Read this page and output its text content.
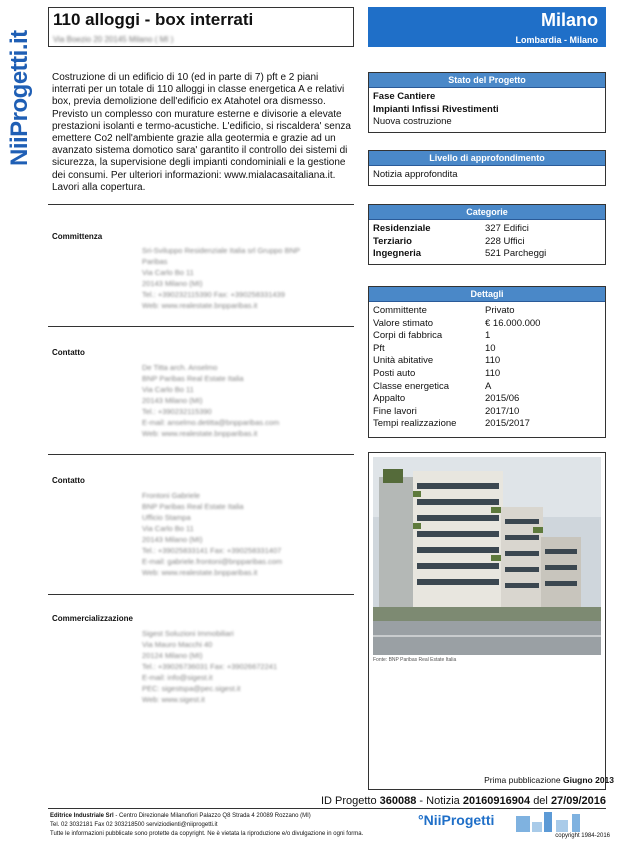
NiiProgetti.it
110 alloggi - box interrati
Via Boezio 20 20145 Milano ( MI )
Milano
Lombardia - Milano
Costruzione di un edificio di 10 (ed in parte di 7) pft e 2 piani interrati per un totale di 110 alloggi in classe energetica A e relativi box, previa demolizione dell'edificio ex Atahotel ora dismesso. Previsto un complesso con murature esterne e divisorie a elevate prestazioni isolanti e termo-acustiche. L'edificio, si riscaldera' senza emettere Co2 nell'ambiente grazie alla geotermia e grazie ad un avanzato sistema domotico sara' garantito il controllo dei sistemi di sicurezza, la supervisione degli impianti condominiali e la gestione dei consumi. Per ulteriori informazioni: www.mialacasaitaliana.it. Lavori alla copertura.
Committenza
Sri-Sviluppo Residenziale Italia srl Gruppo BNP
Paribas
Via Carlo Bo 11
20143 Milano (MI)
Tel.: +390232115390 Fax: +390258331439
Web: www.realestate.bnpparibas.it
Contatto
De Titta arch. Anselmo
BNP Paribas Real Estate Italia
Via Carlo Bo 11
20143 Milano (MI)
Tel.: +390232115390
E-mail: anselmo.detitta@bnpparibas.com
Web: www.realestate.bnpparibas.it
Contatto
Frontoni Gabriele
BNP Paribas Real Estate Italia
Ufficio Stampa
Via Carlo Bo 11
20143 Milano (MI)
Tel.: +39025833141 Fax: +390258331407
E-mail: gabriele.frontoni@bnpparibas.com
Web: www.realestate.bnpparibas.it
Commercializzazione
Sigest Soluzioni Immobiliari
Via Mauro Macchi 40
20124 Milano (MI)
Tel.: +39026736031 Fax: +39026672241
E-mail: info@sigest.it
PEC: sigestspa@pec.sigest.it
Web: www.sigest.it
Stato del Progetto
Fase Cantiere
Impianti Infissi Rivestimenti
Nuova costruzione
Livello di approfondimento
Notizia approfondita
Categorie
Residenziale	327 Edifici
Terziario	228 Uffici
Ingegneria	521 Parcheggi
Dettagli
Committente	Privato
Valore stimato	€ 16.000.000
Corpi di fabbrica	1
Pft	10
Unità abitative	110
Posti auto	110
Classe energetica	A
Appalto	2015/06
Fine lavori	2017/10
Tempi realizzazione	2015/2017
Fonte: BNP Paribas Real Estate Italia
Prima pubblicazione Giugno 2013
ID Progetto 360088 - Notizia 20160916904 del 27/09/2016
Editrice Industriale Srl - Centro Direzionale Milanofiori Palazzo Q8 Strada 4 20089 Rozzano (MI)
Tel. 02 3032181 Fax 02 303218500 serviziodienti@niiprogetti.it
Tutte le informazioni pubblicate sono protette da copyright. Ne è vietata la riproduzione e/o divulgazione in ogni forma.
°NiiProgetti
copyright 1984-2016
